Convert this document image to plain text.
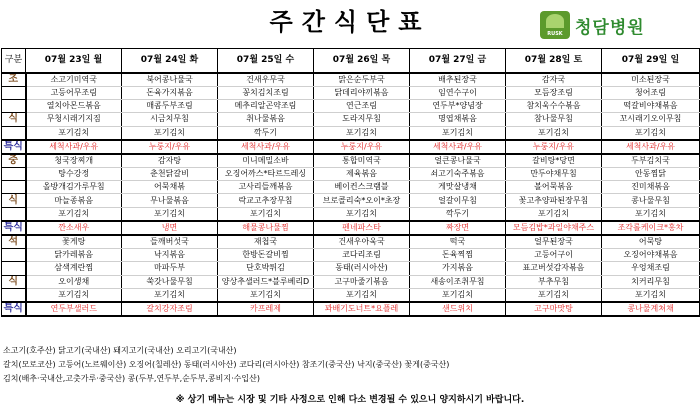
주간식단표	RUSK 청담병원
구분	07월 23일 월	07월 24일 화	07월 25일 수	07월 26일 목	07월 27일 금	07월 28일 토	07월 29일 일
조	소고기미역국	북어콩나물국	건새우무국	맑은순두부국	배추된장국	감자국	미소된장국
	고등어무조림	돈육가지볶음	꽁치김치조림	닭데리야끼볶음	임연수구이	모듬장조림	청어조림
	열치아몬드볶음	매콤두부조림	메추리알곤약조림	연근조림	연두부*양념장	참치욱수수볶음	떡갈비야채볶음
식	무청시래기지짐	시금치무침	취나물볶음	도라지무침	명엽채볶음	참나물무침	꼬시래기오이무침
	포기김치	포기김치	깍두기	포기김치	포기김치	포기김치	포기김치
특식	세척사과/우유	누룽지/우유	세척사과/우유	누룽지/우유	세척사과/우유	누룽지/우유	세척사과/우유
중	청국장찌개	감자탕	미니메밀소바	통합미역국	얼큰콩나물국	갈비탕*당면	두부김치국
	탕수강정	춘천닭갈비	오징어까스*타르드레싱	제육볶음	쇠고기숙주볶음	만두야채무침	안동찜닭
	올방개김가루무침	어묵채볶	고사리들깨볶음	베이컨스크램블	게맛살냉채	볼어묵볶음	진미채볶음
식	마늘종볶음	무나물볶음	락교고추장무침	브로콜리숙*오이*초장	얼갈이무침	꽃고추양파된장무침	콩나물무침
	포기김치	포기김치	포기김치	포기김치	깍두기	포기김치	포기김치
특식	깐소새우	냉면	해물콩나물찜	펜네파스타	짜장면	모듬김밥*과일야채주스	조각롤케이크*홍차
석	꽃게탕	들깨버섯국	재첩국	건새우아욱국	떡국	얼무된장국	어묵탕
	닭카레볶음	낙지볶음	한방돈갈비찜	코다리조림	돈육찍찜	고등어구이	오징어야채볶음
	삼색계란찜	마파두부	단호박튀김	동태(러시아산)	가지볶음	표고버섯감자볶음	우엉채조림
식	오이생채	쑥갓나물무침	양상추샐러드*블루베리D	고구마줄기볶음	새송이조취무침	부추무침	치커리무침
	포기김치	포기김치	포기김치	포기김치	포기김치	포기김치	포기김치
특식	연두부샐러드	갈치강자조림	카프레제	꽈배기도너트*요플레	샌드위치	고구마맛탕	콩나물계쳐채
소고기(호주산) 닭고기(국내산) 돼지고기(국내산) 오리고기(국내산)
갈치(모로코산) 고등어(노르웨이산) 오징어(칠레산) 동태(러시아산) 코다리(러시아산) 참조기(중국산) 낙지(중국산) 꽃게(중국산)
김치(배추·국내산,고춧가루·중국산) 콩(두부,연두부,순두부,콩비지·수입산)
※ 상기 메뉴는 시장 및 기타 사정으로 인해 다소 변경될 수 있으니 양지하시기 바랍니다.
